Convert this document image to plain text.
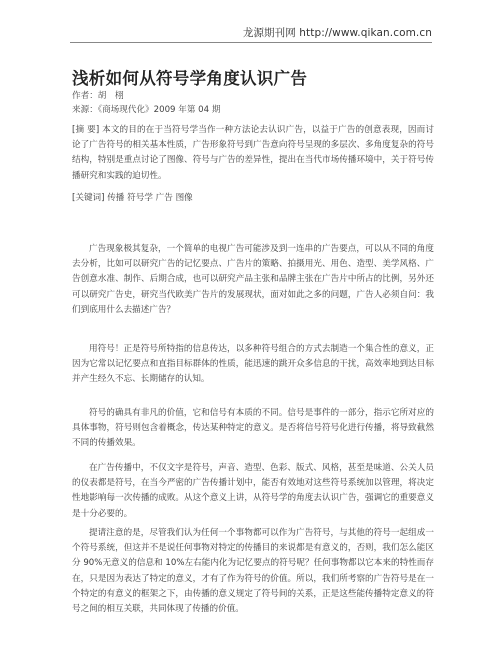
龙源期刊网 http://www.qikan.com.cn
浅析如何从符号学角度认识广告
作者：胡　栩
来源：《商场现代化》2009 年第 04 期

[摘 要] 本文的目的在于当符号学当作一种方法论去认识广告，以益于广告的创意表现，因而讨论了广告符号的相关基本性质，广告形象符号到广告意向符号呈现的多层次、多角度复杂的符号结构，特别是重点讨论了图像、符号与广告的差异性，提出在当代市场传播环境中，关于符号传播研究和实践的迫切性。

[关键词] 传播 符号学 广告 图像

广告现象极其复杂，一个简单的电视广告可能涉及到一连串的广告要点，可以从不同的角度去分析，比如可以研究广告的记忆要点、广告片的策略、拍摄用光、用色、造型、美学风格、广告创意水准、制作、后期合成，也可以研究产品主张和品牌主张在广告片中所占的比例，另外还可以研究广告史，研究当代欧美广告片的发展现状，面对如此之多的问题，广告人必须自问：我们到底用什么去描述广告？

用符号！正是符号所特指的信息传达，以多种符号组合的方式去制造一个集合性的意义，正因为它常以记忆要点和直指目标群体的性质，能迅速的跳开众多信息的干扰，高效率地到达目标并产生经久不忘、长期储存的认知。

符号的确具有非凡的价值，它和信号有本质的不同。信号是事件的一部分，指示它所对应的具体事物，符号则包含着概念，传达某种特定的意义。是否将信号符号化进行传播，将导致截然不同的传播效果。

在广告传播中，不仅文字是符号，声音、造型、色彩、版式、风格，甚至是味道、公关人员的仪表都是符号，在当今严密的广告传播计划中，能否有效地对这些符号系统加以管理，将决定性地影响每一次传播的成败。从这个意义上讲，从符号学的角度去认识广告，强调它的重要意义是十分必要的。

提请注意的是，尽管我们认为任何一个事物都可以作为广告符号，与其他的符号一起组成一个符号系统，但这并不是说任何事物对特定的传播目的来说都是有意义的，否则，我们怎么能区分 90%无意义的信息和 10%左右能内化为记忆要点的符号呢？任何事物都以它本来的特性而存在，只是因为表达了特定的意义，才有了作为符号的价值。所以，我们所考察的广告符号是在一个特定的有意义的框架之下，由传播的意义规定了符号间的关系，正是这些能传播特定意义的符号之间的相互关联，共同体现了传播的价值。
